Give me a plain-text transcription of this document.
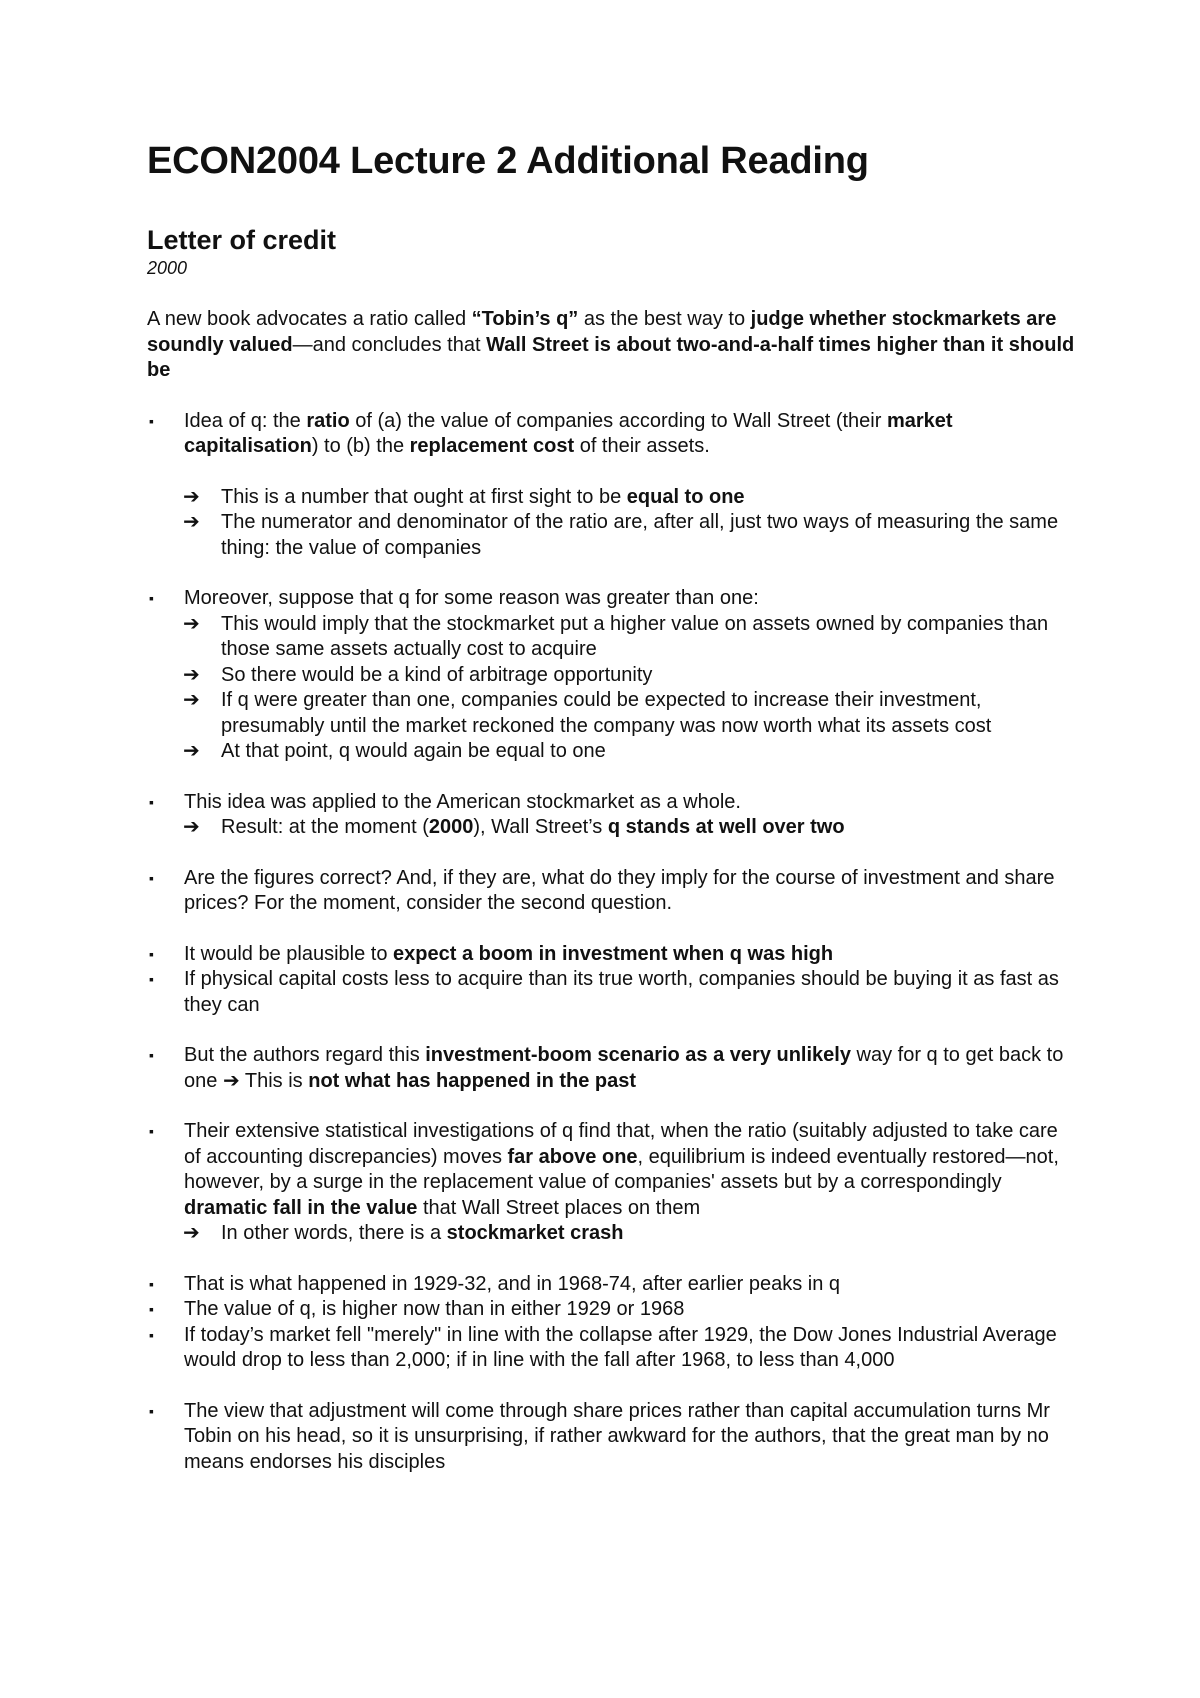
ECON2004 Lecture 2 Additional Reading
Letter of credit
2000

A new book advocates a ratio called “Tobin’s q” as the best way to judge whether stockmarkets are soundly valued—and concludes that Wall Street is about two-and-a-half times higher than it should be

▪ Idea of q: the ratio of (a) the value of companies according to Wall Street (their market capitalisation) to (b) the replacement cost of their assets.
➔ This is a number that ought at first sight to be equal to one
➔ The numerator and denominator of the ratio are, after all, just two ways of measuring the same thing: the value of companies
▪ Moreover, suppose that q for some reason was greater than one:
➔ This would imply that the stockmarket put a higher value on assets owned by companies than those same assets actually cost to acquire
➔ So there would be a kind of arbitrage opportunity
➔ If q were greater than one, companies could be expected to increase their investment, presumably until the market reckoned the company was now worth what its assets cost
➔ At that point, q would again be equal to one
▪ This idea was applied to the American stockmarket as a whole.
➔ Result: at the moment (2000), Wall Street’s q stands at well over two
▪ Are the figures correct? And, if they are, what do they imply for the course of investment and share prices? For the moment, consider the second question.
▪ It would be plausible to expect a boom in investment when q was high
▪ If physical capital costs less to acquire than its true worth, companies should be buying it as fast as they can
▪ But the authors regard this investment-boom scenario as a very unlikely way for q to get back to one ➔ This is not what has happened in the past
▪ Their extensive statistical investigations of q find that, when the ratio (suitably adjusted to take care of accounting discrepancies) moves far above one, equilibrium is indeed eventually restored—not, however, by a surge in the replacement value of companies' assets but by a correspondingly dramatic fall in the value that Wall Street places on them
➔ In other words, there is a stockmarket crash
▪ That is what happened in 1929-32, and in 1968-74, after earlier peaks in q
▪ The value of q, is higher now than in either 1929 or 1968
▪ If today’s market fell "merely" in line with the collapse after 1929, the Dow Jones Industrial Average would drop to less than 2,000; if in line with the fall after 1968, to less than 4,000
▪ The view that adjustment will come through share prices rather than capital accumulation turns Mr Tobin on his head, so it is unsurprising, if rather awkward for the authors, that the great man by no means endorses his disciples
